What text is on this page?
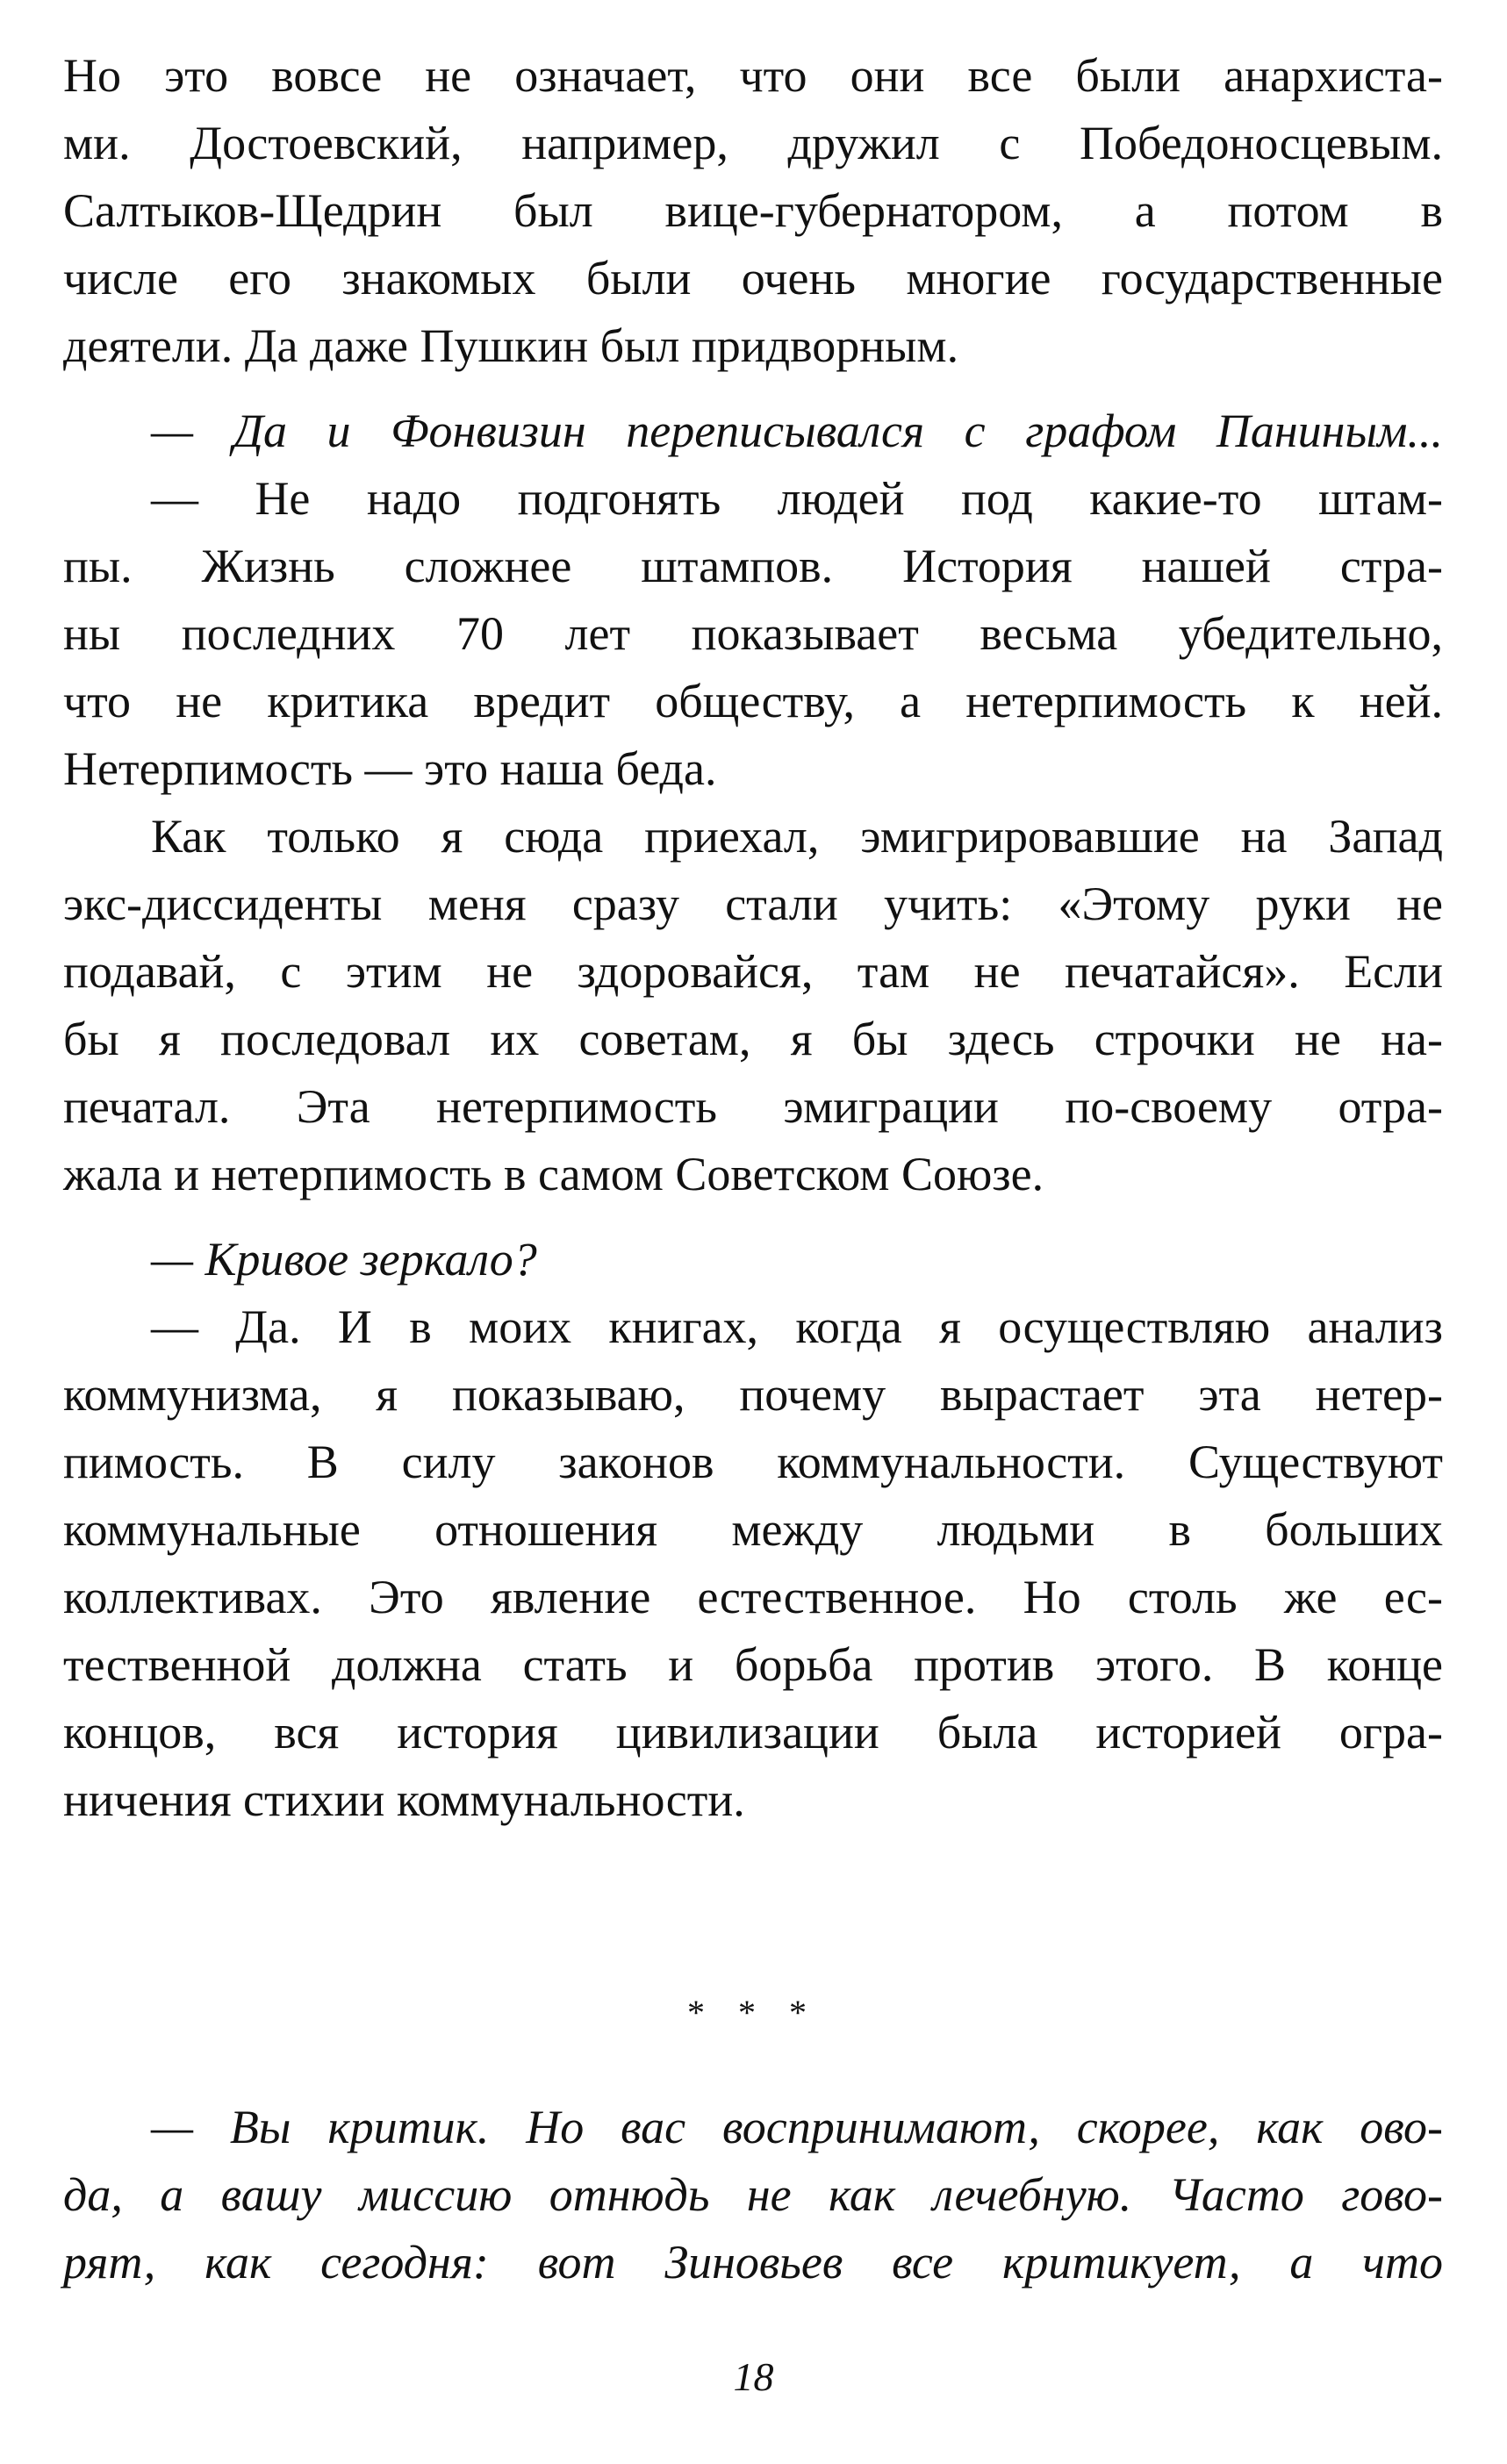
Но это вовсе не означает, что они все были анархиста-
ми. Достоевский, например, дружил с Победоносцевым.
Салтыков-Щедрин был вице-губернатором, а потом в
числе его знакомых были очень многие государственные
деятели. Да даже Пушкин был придворным.
— Да и Фонвизин переписывался с графом Паниным...
— Не надо подгонять людей под какие-то штам-
пы. Жизнь сложнее штампов. История нашей стра-
ны последних 70 лет показывает весьма убедительно,
что не критика вредит обществу, а нетерпимость к ней.
Нетерпимость — это наша беда.
Как только я сюда приехал, эмигрировавшие на Запад
экс-диссиденты меня сразу стали учить: «Этому руки не
подавай, с этим не здоровайся, там не печатайся». Если
бы я последовал их советам, я бы здесь строчки не на-
печатал. Эта нетерпимость эмиграции по-своему отра-
жала и нетерпимость в самом Советском Союзе.
— Кривое зеркало?
— Да. И в моих книгах, когда я осуществляю анализ
коммунизма, я показываю, почему вырастает эта нетер-
пимость. В силу законов коммунальности. Существуют
коммунальные отношения между людьми в больших
коллективах. Это явление естественное. Но столь же ес-
тественной должна стать и борьба против этого. В конце
концов, вся история цивилизации была историей огра-
ничения стихии коммунальности.
* * *
— Вы критик. Но вас воспринимают, скорее, как ово-
да, а вашу миссию отнюдь не как лечебную. Часто гово-
рят, как сегодня: вот Зиновьев все критикует, а что
18
